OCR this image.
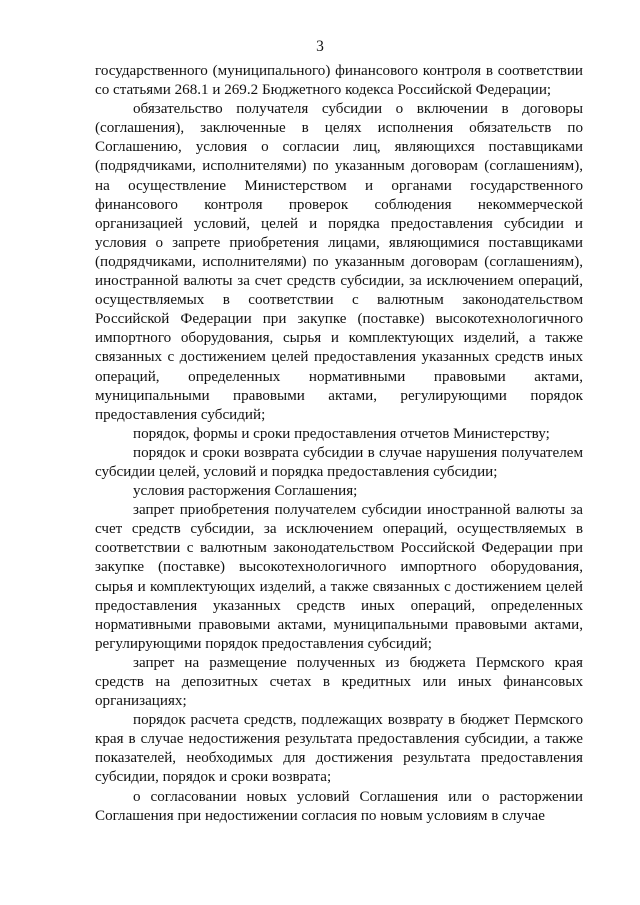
3

государственного (муниципального) финансового контроля в соответствии со статьями 268.1 и 269.2 Бюджетного кодекса Российской Федерации;

обязательство получателя субсидии о включении в договоры (соглашения), заключенные в целях исполнения обязательств по Соглашению, условия о согласии лиц, являющихся поставщиками (подрядчиками, исполнителями) по указанным договорам (соглашениям), на осуществление Министерством и органами государственного финансового контроля проверок соблюдения некоммерческой организацией условий, целей и порядка предоставления субсидии и условия о запрете приобретения лицами, являющимися поставщиками (подрядчиками, исполнителями) по указанным договорам (соглашениям), иностранной валюты за счет средств субсидии, за исключением операций, осуществляемых в соответствии с валютным законодательством Российской Федерации при закупке (поставке) высокотехнологичного импортного оборудования, сырья и комплектующих изделий, а также связанных с достижением целей предоставления указанных средств иных операций, определенных нормативными правовыми актами, муниципальными правовыми актами, регулирующими порядок предоставления субсидий;

порядок, формы и сроки предоставления отчетов Министерству;

порядок и сроки возврата субсидии в случае нарушения получателем субсидии целей, условий и порядка предоставления субсидии;

условия расторжения Соглашения;

запрет приобретения получателем субсидии иностранной валюты за счет средств субсидии, за исключением операций, осуществляемых в соответствии с валютным законодательством Российской Федерации при закупке (поставке) высокотехнологичного импортного оборудования, сырья и комплектующих изделий, а также связанных с достижением целей предоставления указанных средств иных операций, определенных нормативными правовыми актами, муниципальными правовыми актами, регулирующими порядок предоставления субсидий;

запрет на размещение полученных из бюджета Пермского края средств на депозитных счетах в кредитных или иных финансовых организациях;

порядок расчета средств, подлежащих возврату в бюджет Пермского края в случае недостижения результата предоставления субсидии, а также показателей, необходимых для достижения результата предоставления субсидии, порядок и сроки возврата;

о согласовании новых условий Соглашения или о расторжении Соглашения при недостижении согласия по новым условиям в случае
